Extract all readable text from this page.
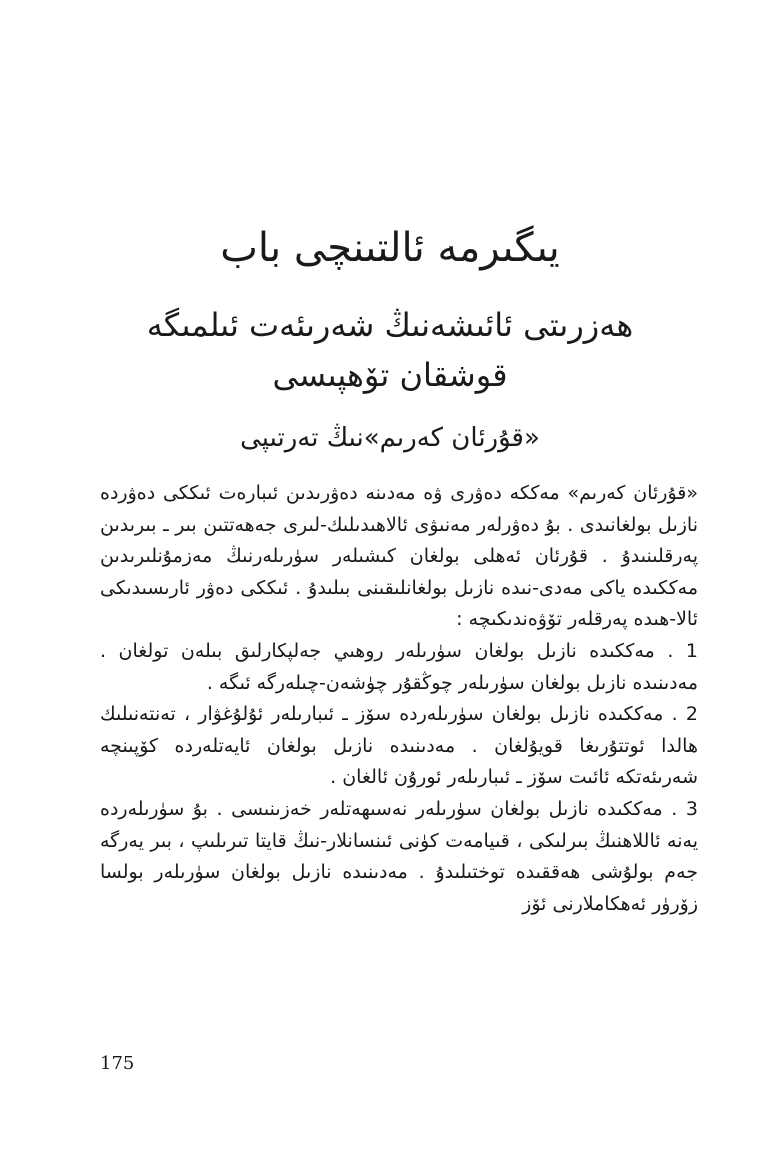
يىگىرمە ئالتىنچى باب
ھەزرىتى ئائىشەنىڭ شەرىئەت ئىلمىگە
قوشقان تۆھپىسى
«قۇرئان كەرىم»نىڭ تەرتىپى

«قۇرئان كەرىم» مەككە دەۋرى ۋە مەدىنە دەۋرىدىن ئىبارەت ئىككى دەۋردە نازىل بولغانىدى . بۇ دەۋرلەر مەنىۋى ئالاھىدىلىك-لىرى جەھەتتىن بىر ـ بىرىدىن پەرقلىنىدۇ . قۇرئان ئەھلى بولغان كىشىلەر سۈرىلەرنىڭ مەزمۇنلىرىدىن مەككىدە ياكى مەدى-نىدە نازىل بولغانلىقىنى بىلىدۇ . ئىككى دەۋر ئارىسىدىكى ئالا-ھىدە پەرقلەر تۆۋەندىكىچە :

1 . مەككىدە نازىل بولغان سۈرىلەر روھىي جەلپكارلىق بىلەن تولغان . مەدىنىدە نازىل بولغان سۈرىلەر چوڭقۇر چۈشەن-چىلەرگە ئىگە .

2 . مەككىدە نازىل بولغان سۈرىلەردە سۆز ـ ئىبارىلەر ئۇلۇغۋار ، تەنتەنىلىك ھالدا ئوتتۇرىغا قويۇلغان . مەدىنىدە نازىل بولغان ئايەتلەردە كۆپىنچە شەرىئەتكە ئائىت سۆز ـ ئىبارىلەر ئورۇن ئالغان .

3 . مەككىدە نازىل بولغان سۈرىلەر نەسىھەتلەر خەزىنىسى . بۇ سۈرىلەردە يەنە ئاللاھنىڭ بىرلىكى ، قىيامەت كۈنى ئىنسانلار-نىڭ قايتا تىرىلىپ ، بىر يەرگە جەم بولۇشى ھەققىدە توختىلىدۇ . مەدىنىدە نازىل بولغان سۈرىلەر بولسا زۆرۈر ئەھكاملارنى ئۆز

175
